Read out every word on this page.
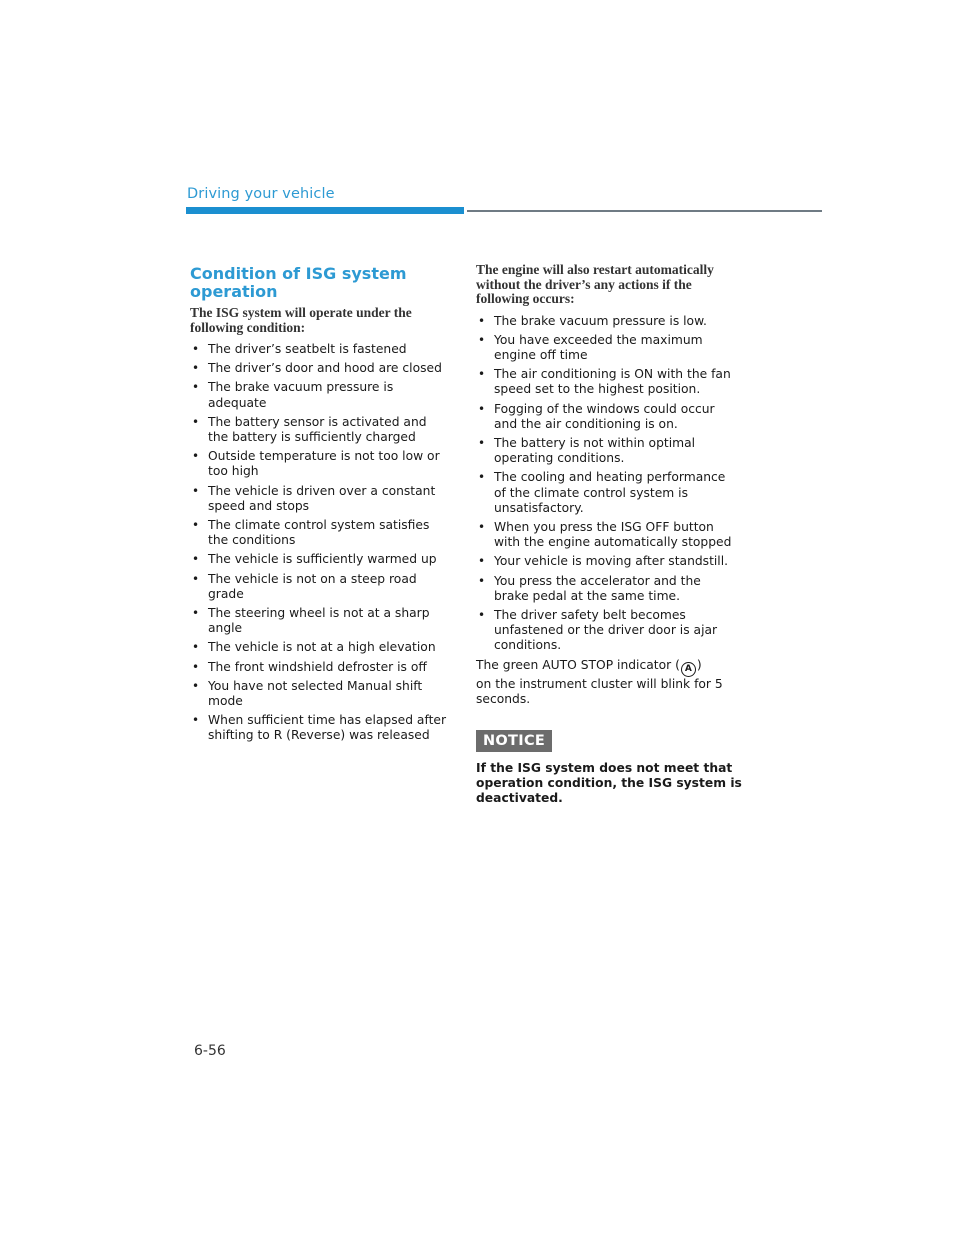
Driving your vehicle
Condition of ISG system
operation
The ISG system will operate under the
following condition:
• The driver’s seatbelt is fastened
• The driver’s door and hood are closed
• The brake vacuum pressure is
adequate
• The battery sensor is activated and
the battery is sufficiently charged
• Outside temperature is not too low or
too high
• The vehicle is driven over a constant
speed and stops
• The climate control system satisfies
the conditions
• The vehicle is sufficiently warmed up
• The vehicle is not on a steep road
grade
• The steering wheel is not at a sharp
angle
• The vehicle is not at a high elevation
• The front windshield defroster is off
• You have not selected Manual shift
mode
• When sufficient time has elapsed after
shifting to R (Reverse) was released
The engine will also restart automatically
without the driver’s any actions if the
following occurs:
• The brake vacuum pressure is low.
• You have exceeded the maximum
engine off time
• The air conditioning is ON with the fan
speed set to the highest position.
• Fogging of the windows could occur
and the air conditioning is on.
• The battery is not within optimal
operating conditions.
• The cooling and heating performance
of the climate control system is
unsatisfactory.
• When you press the ISG OFF button
with the engine automatically stopped
• Your vehicle is moving after standstill.
• You press the accelerator and the
brake pedal at the same time.
• The driver safety belt becomes
unfastened or the driver door is ajar
conditions.

The green AUTO STOP indicator ( A )
on the instrument cluster will blink for 5
seconds.

NOTICE
If the ISG system does not meet that
operation condition, the ISG system is
deactivated.
6-56
